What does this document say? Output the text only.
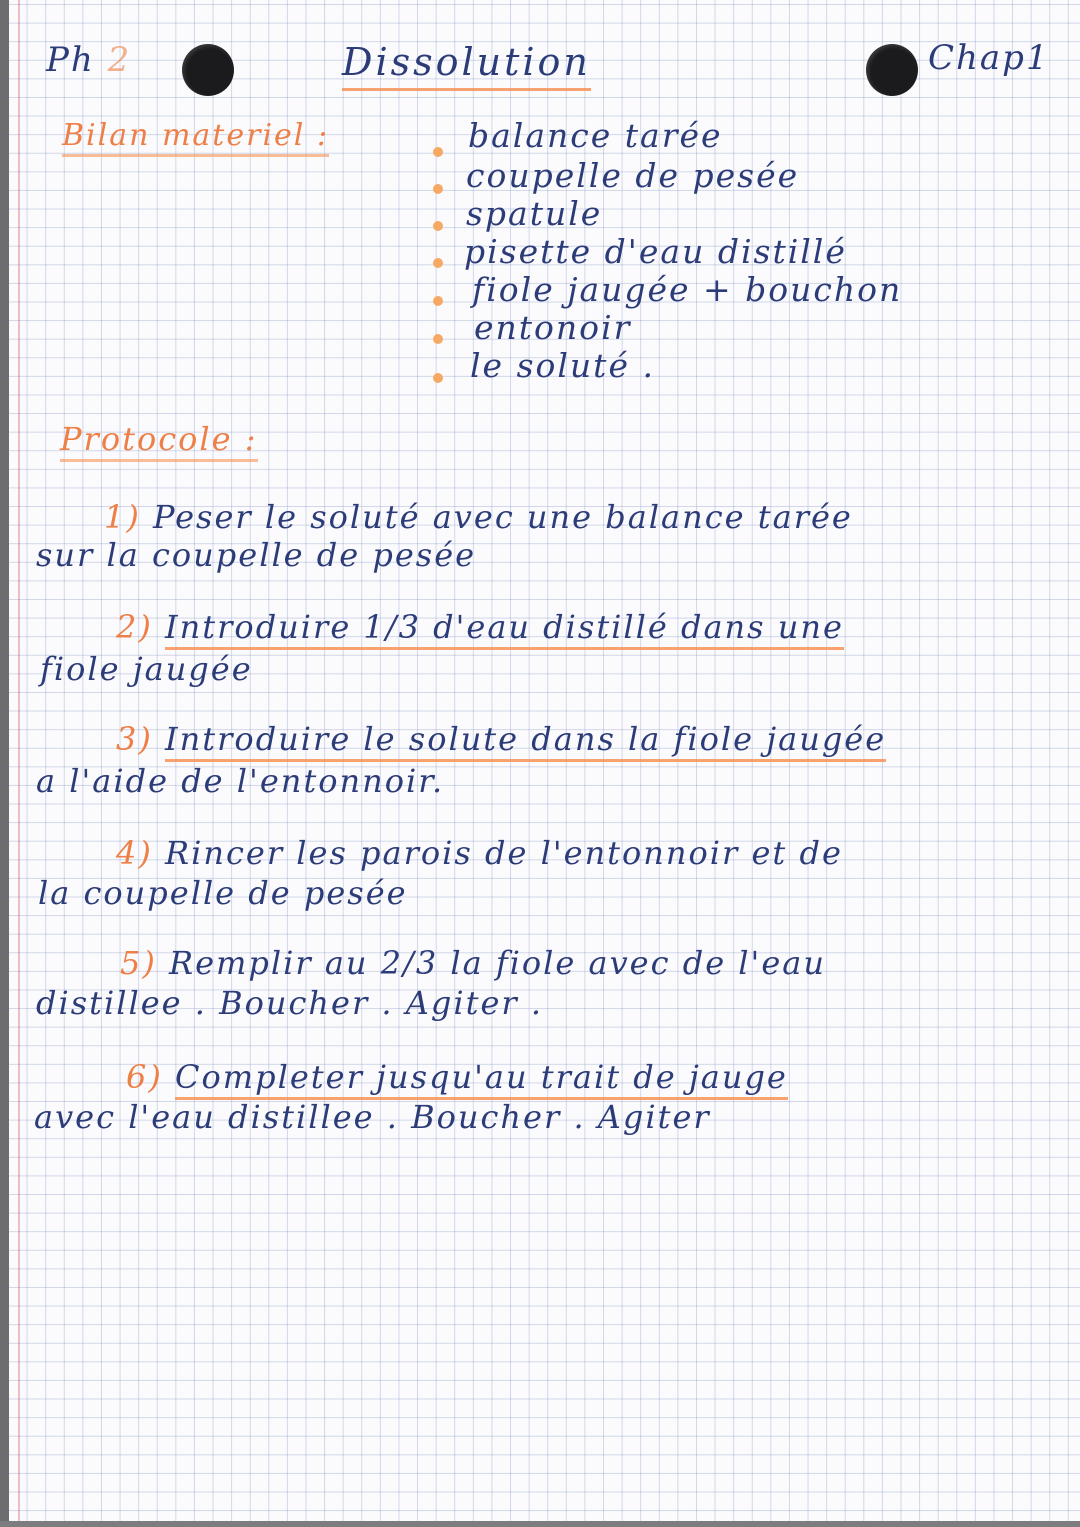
Ph 2	Dissolution	Chap1
Bilan materiel :	balance tarée
coupelle de pesée
spatule
pisette d'eau distillé
fiole jaugée + bouchon
entonoir
le soluté .
Protocole :
1) Peser le soluté avec une balance tarée
sur la coupelle de pesée
2) Introduire 1/3 d'eau distillé dans une
fiole jaugée
3) Introduire le solute dans la fiole jaugée
a l'aide de l'entonnoir.
4) Rincer les parois de l'entonnoir et de
la coupelle de pesée
5) Remplir au 2/3 la fiole avec de l'eau
distillee . Boucher . Agiter .
6) Completer jusqu'au trait de jauge
avec l'eau distillee . Boucher . Agiter
